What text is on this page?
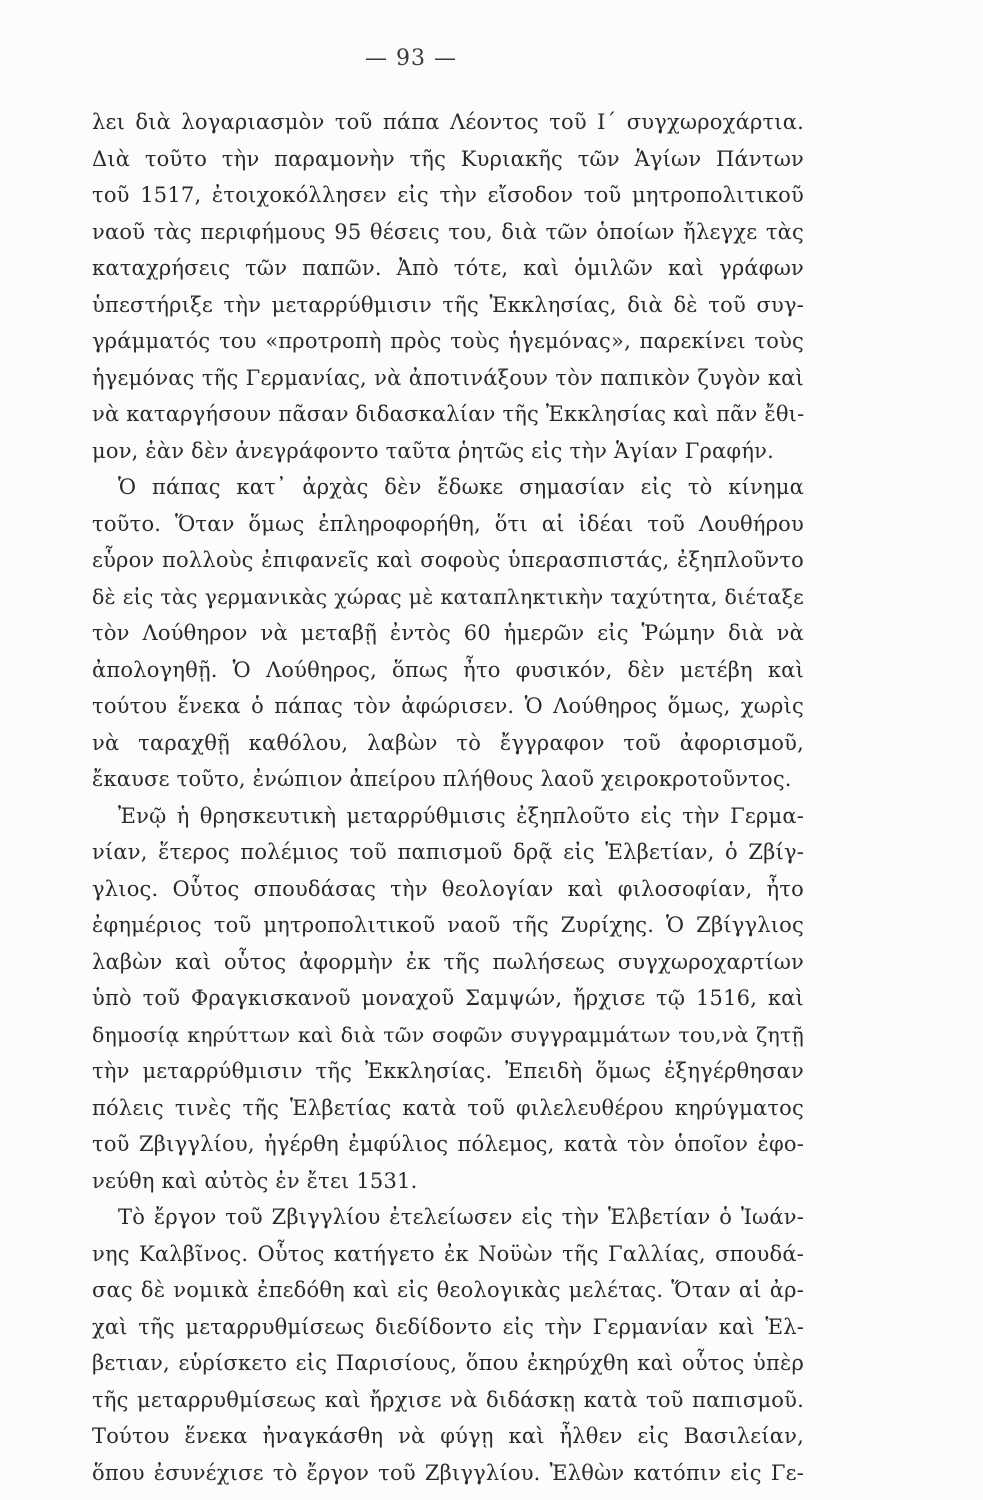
— 93 —
λει διὰ λογαριασμὸν τοῦ πάπα Λέοντος τοῦ Ι΄ συγχωροχάρτια.
Διὰ τοῦτο τὴν παραμονὴν τῆς Κυριακῆς τῶν Ἁγίων Πάντων
τοῦ 1517, ἐτοιχοκόλλησεν εἰς τὴν εἴσοδον τοῦ μητροπολιτικοῦ
ναοῦ τὰς περιφήμους 95 θέσεις του, διὰ τῶν ὁποίων ἤλεγχε τὰς
καταχρήσεις τῶν παπῶν. Ἀπὸ τότε, καὶ ὁμιλῶν καὶ γράφων
ὑπεστήριξε τὴν μεταρρύθμισιν τῆς Ἐκκλησίας, διὰ δὲ τοῦ συγ-
γράμματός του «προτροπὴ πρὸς τοὺς ἡγεμόνας», παρεκίνει τοὺς
ἡγεμόνας τῆς Γερμανίας, νὰ ἀποτινάξουν τὸν παπικὸν ζυγὸν καὶ
νὰ καταργήσουν πᾶσαν διδασκαλίαν τῆς Ἐκκλησίας καὶ πᾶν ἔθι-
μον, ἐὰν δὲν ἀνεγράφοντο ταῦτα ῥητῶς εἰς τὴν Ἁγίαν Γραφήν.
Ὁ πάπας κατ᾿ ἀρχὰς δὲν ἔδωκε σημασίαν εἰς τὸ κίνημα
τοῦτο. Ὅταν ὅμως ἐπληροφορήθη, ὅτι αἱ ἰδέαι τοῦ Λουθήρου
εὗρον πολλοὺς ἐπιφανεῖς καὶ σοφοὺς ὑπερασπιστάς, ἐξηπλοῦντο
δὲ εἰς τὰς γερμανικὰς χώρας μὲ καταπληκτικὴν ταχύτητα, διέταξε
τὸν Λούθηρον νὰ μεταβῇ ἐντὸς 60 ἡμερῶν εἰς Ῥώμην διὰ νὰ
ἀπολογηθῇ. Ὁ Λούθηρος, ὅπως ἦτο φυσικόν, δὲν μετέβη καὶ
τούτου ἕνεκα ὁ πάπας τὸν ἀφώρισεν. Ὁ Λούθηρος ὅμως, χωρὶς
νὰ ταραχθῇ καθόλου, λαβὼν τὸ ἔγγραφον τοῦ ἀφορισμοῦ,
ἔκαυσε τοῦτο, ἐνώπιον ἀπείρου πλήθους λαοῦ χειροκροτοῦντος.
Ἐνῷ ἡ θρησκευτικὴ μεταρρύθμισις ἐξηπλοῦτο εἰς τὴν Γερμα-
νίαν, ἕτερος πολέμιος τοῦ παπισμοῦ δρᾷ εἰς Ἑλβετίαν, ὁ Ζβίγ-
γλιος. Οὗτος σπουδάσας τὴν θεολογίαν καὶ φιλοσοφίαν, ἦτο
ἐφημέριος τοῦ μητροπολιτικοῦ ναοῦ τῆς Ζυρίχης. Ὁ Ζβίγγλιος
λαβὼν καὶ οὗτος ἀφορμὴν ἐκ τῆς πωλήσεως συγχωροχαρτίων
ὑπὸ τοῦ Φραγκισκανοῦ μοναχοῦ Σαμψών, ἤρχισε τῷ 1516, καὶ
δημοσίᾳ κηρύττων καὶ διὰ τῶν σοφῶν συγγραμμάτων του,νὰ ζητῇ
τὴν μεταρρύθμισιν τῆς Ἐκκλησίας. Ἐπειδὴ ὅμως ἐξηγέρθησαν
πόλεις τινὲς τῆς Ἑλβετίας κατὰ τοῦ φιλελευθέρου κηρύγματος
τοῦ Ζβιγγλίου, ἠγέρθη ἐμφύλιος πόλεμος, κατὰ τὸν ὁποῖον ἐφο-
νεύθη καὶ αὐτὸς ἐν ἔτει 1531.
Τὸ ἔργον τοῦ Ζβιγγλίου ἐτελείωσεν εἰς τὴν Ἑλβετίαν ὁ Ἰωάν-
νης Καλβῖνος. Οὗτος κατήγετο ἐκ Νοϋὼν τῆς Γαλλίας, σπουδά-
σας δὲ νομικὰ ἐπεδόθη καὶ εἰς θεολογικὰς μελέτας. Ὅταν αἱ ἀρ-
χαὶ τῆς μεταρρυθμίσεως διεδίδοντο εἰς τὴν Γερμανίαν καὶ Ἑλ-
βετιαν, εὑρίσκετο εἰς Παρισίους, ὅπου ἐκηρύχθη καὶ οὗτος ὑπὲρ
τῆς μεταρρυθμίσεως καὶ ἤρχισε νὰ διδάσκῃ κατὰ τοῦ παπισμοῦ.
Τούτου ἕνεκα ἠναγκάσθη νὰ φύγῃ καὶ ἦλθεν εἰς Βασιλείαν,
ὅπου ἐσυνέχισε τὸ ἔργον τοῦ Ζβιγγλίου. Ἐλθὼν κατόπιν εἰς Γε-
